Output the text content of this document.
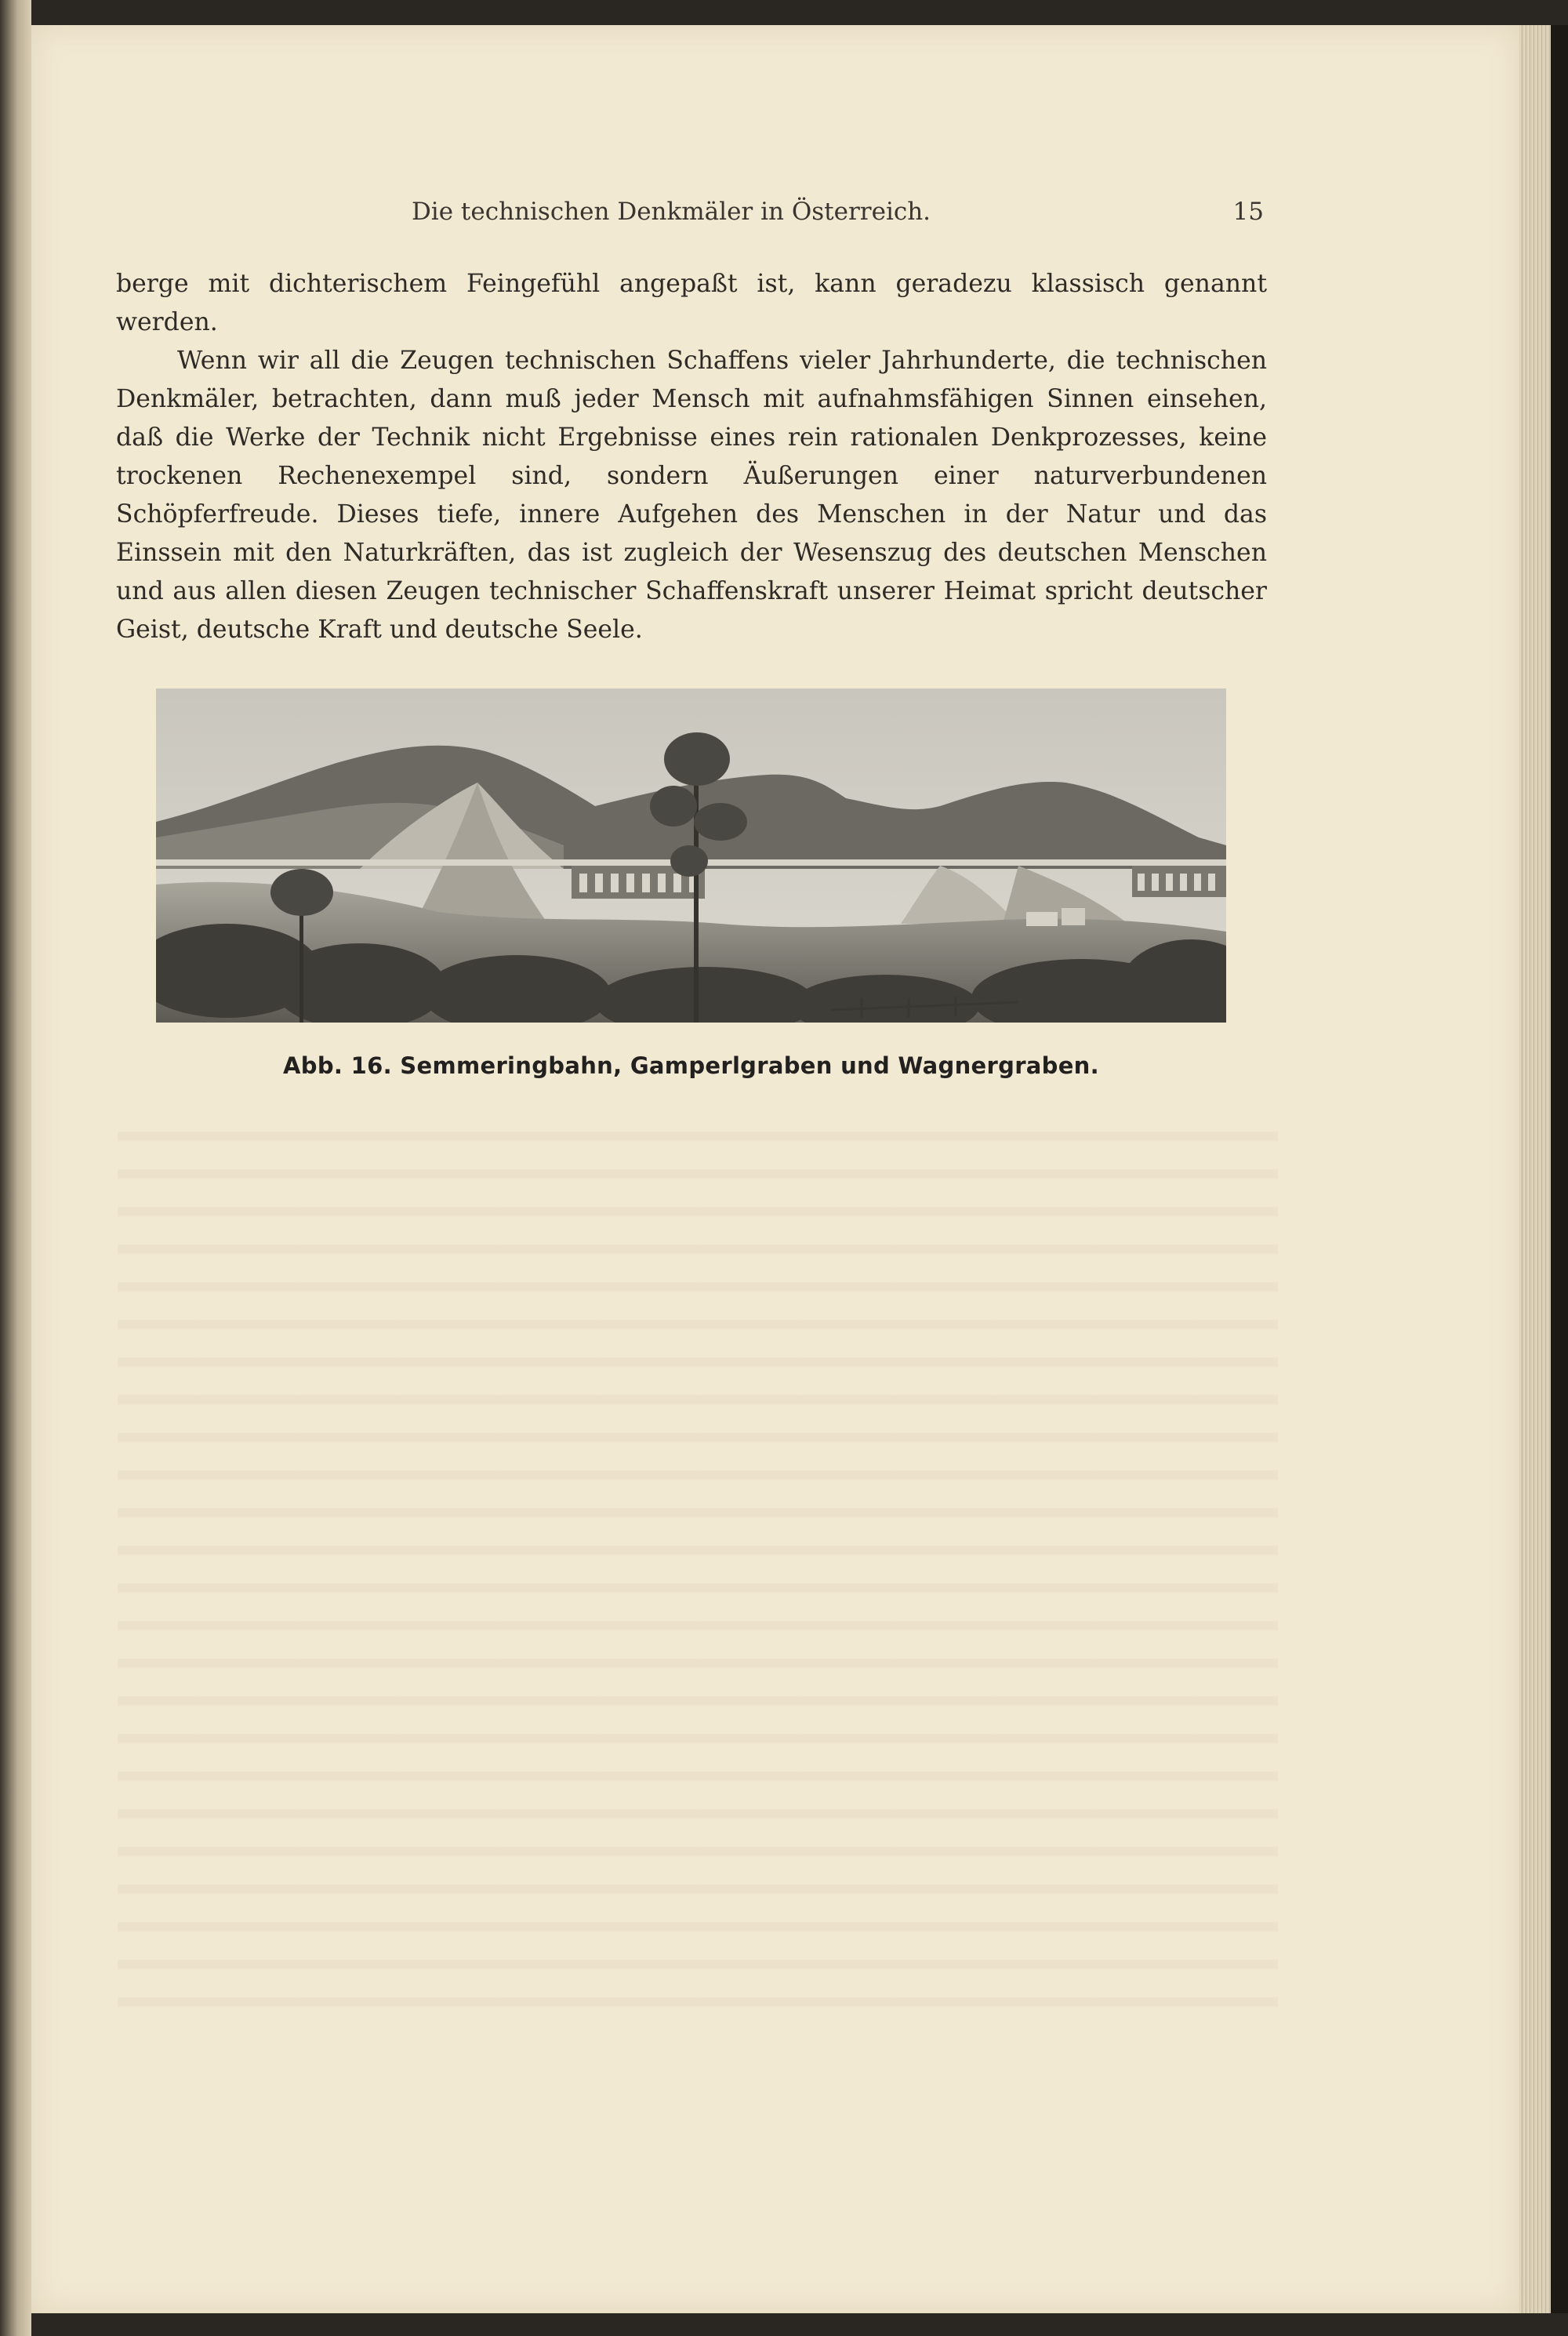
Die technischen Denkmäler in Österreich.	15

berge mit dichterischem Feingefühl angepaßt ist, kann geradezu klassisch genannt werden.

Wenn wir all die Zeugen technischen Schaffens vieler Jahrhunderte, die technischen Denkmäler, betrachten, dann muß jeder Mensch mit aufnahmsfähigen Sinnen einsehen, daß die Werke der Technik nicht Ergebnisse eines rein rationalen Denkprozesses, keine trockenen Rechenexempel sind, sondern Äußerungen einer naturverbundenen Schöpferfreude. Dieses tiefe, innere Aufgehen des Menschen in der Natur und das Einssein mit den Naturkräften, das ist zugleich der Wesenszug des deutschen Menschen und aus allen diesen Zeugen technischer Schaffenskraft unserer Heimat spricht deutscher Geist, deutsche Kraft und deutsche Seele.

Abb. 16. Semmeringbahn, Gamperlgraben und Wagnergraben.
